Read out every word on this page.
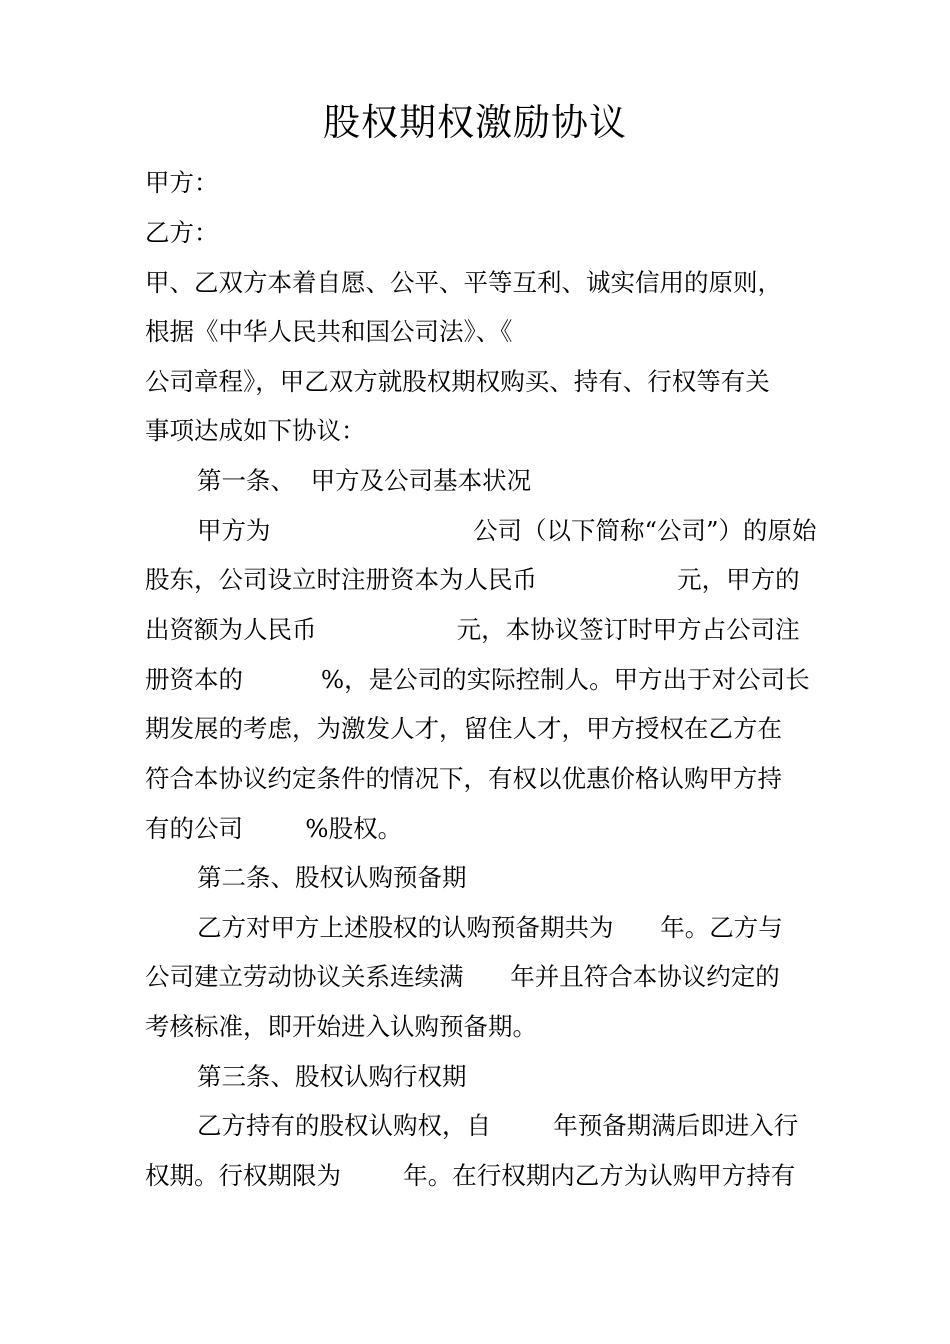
股权期权激励协议
甲方：
乙方：
甲、乙双方本着自愿、公平、平等互利、诚实信用的原则，
根据《中华人民共和国公司法》、《
公司章程》，甲乙双方就股权期权购买、持有、行权等有关
事项达成如下协议：
第一条、  甲方及公司基本状况
甲方为                          公司（以下简称“公司”）的原始
股东，公司设立时注册资本为人民币                  元，甲方的
出资额为人民币                  元，本协议签订时甲方占公司注
册资本的          %，是公司的实际控制人。甲方出于对公司长
期发展的考虑，为激发人才，留住人才，甲方授权在乙方在
符合本协议约定条件的情况下，有权以优惠价格认购甲方持
有的公司        %股权。
第二条、股权认购预备期
乙方对甲方上述股权的认购预备期共为      年。乙方与
公司建立劳动协议关系连续满      年并且符合本协议约定的
考核标准，即开始进入认购预备期。
第三条、股权认购行权期
乙方持有的股权认购权，自        年预备期满后即进入行
权期。行权期限为        年。在行权期内乙方为认购甲方持有
